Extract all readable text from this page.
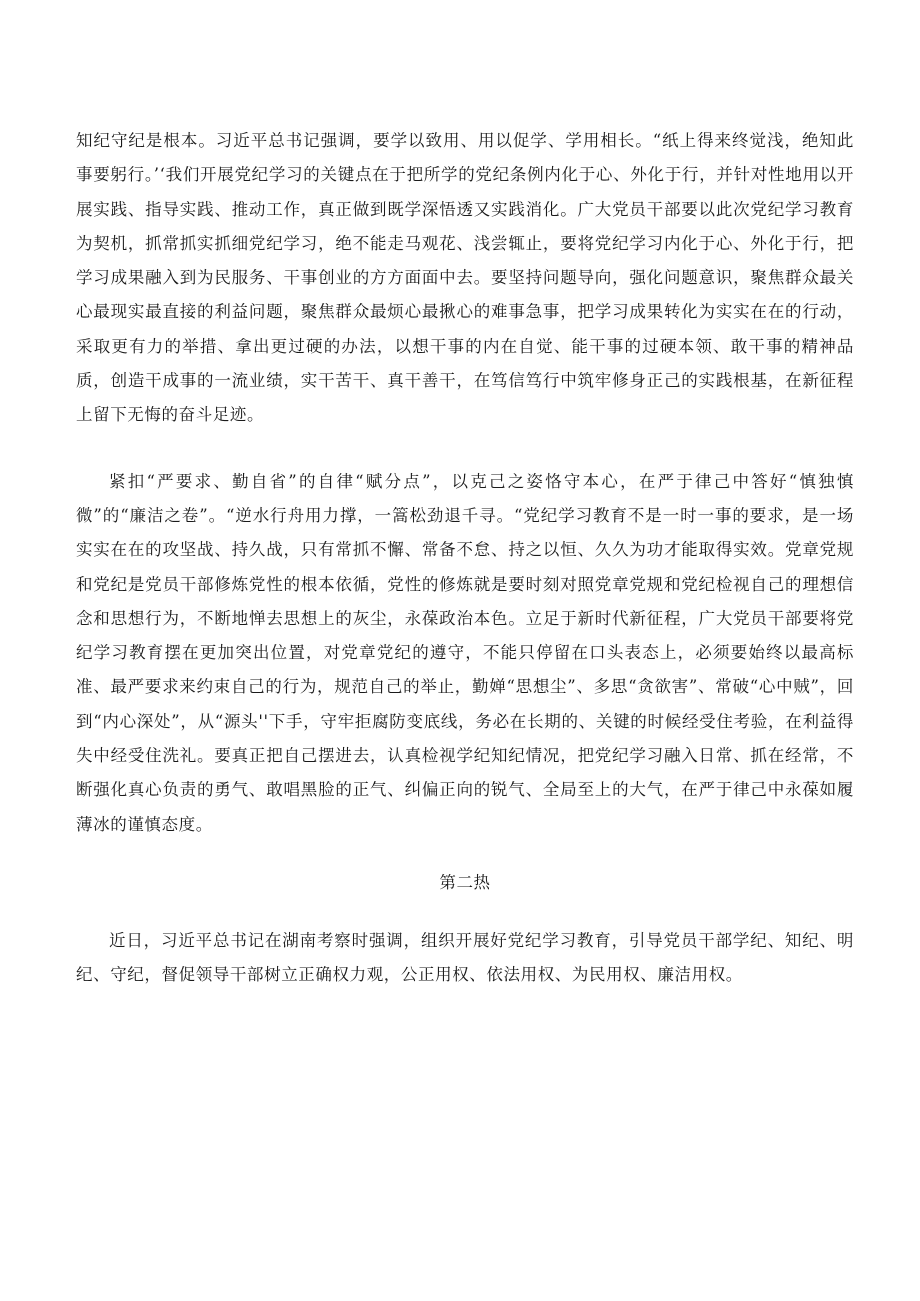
知纪守纪是根本。习近平总书记强调，要学以致用、用以促学、学用相长。“纸上得来终觉浅，绝知此事要躬行。’‘我们开展党纪学习的关键点在于把所学的党纪条例内化于心、外化于行，并针对性地用以开展实践、指导实践、推动工作，真正做到既学深悟透又实践消化。广大党员干部要以此次党纪学习教育为契机，抓常抓实抓细党纪学习，绝不能走马观花、浅尝辄止，要将党纪学习内化于心、外化于行，把学习成果融入到为民服务、干事创业的方方面面中去。要坚持问题导向，强化问题意识，聚焦群众最关心最现实最直接的利益问题，聚焦群众最烦心最揪心的难事急事，把学习成果转化为实实在在的行动，采取更有力的举措、拿出更过硬的办法，以想干事的内在自觉、能干事的过硬本领、敢干事的精神品质，创造干成事的一流业绩，实干苦干、真干善干，在笃信笃行中筑牢修身正己的实践根基，在新征程上留下无悔的奋斗足迹。

紧扣“严要求、勤自省”的自律“赋分点”，以克己之姿恪守本心，在严于律己中答好“慎独慎微”的“廉洁之卷”。“逆水行舟用力撑，一篙松劲退千寻。“党纪学习教育不是一时一事的要求，是一场实实在在的攻坚战、持久战，只有常抓不懈、常备不怠、持之以恒、久久为功才能取得实效。党章党规和党纪是党员干部修炼党性的根本依循，党性的修炼就是要时刻对照党章党规和党纪检视自己的理想信念和思想行为，不断地惮去思想上的灰尘，永葆政治本色。立足于新时代新征程，广大党员干部要将党纪学习教育摆在更加突出位置，对党章党纪的遵守，不能只停留在口头表态上，必须要始终以最高标准、最严要求来约束自己的行为，规范自己的举止，勤婵“思想尘”、多思“贪欲害”、常破“心中贼”，回到“内心深处”，从“源头''下手，守牢拒腐防变底线，务必在长期的、关键的时候经受住考验，在利益得失中经受住洗礼。要真正把自己摆进去，认真检视学纪知纪情况，把党纪学习融入日常、抓在经常，不断强化真心负责的勇气、敢唱黑脸的正气、纠偏正向的锐气、全局至上的大气，在严于律己中永葆如履薄冰的谨慎态度。

第二热

近日，习近平总书记在湖南考察时强调，组织开展好党纪学习教育，引导党员干部学纪、知纪、明纪、守纪，督促领导干部树立正确权力观，公正用权、依法用权、为民用权、廉洁用权。
